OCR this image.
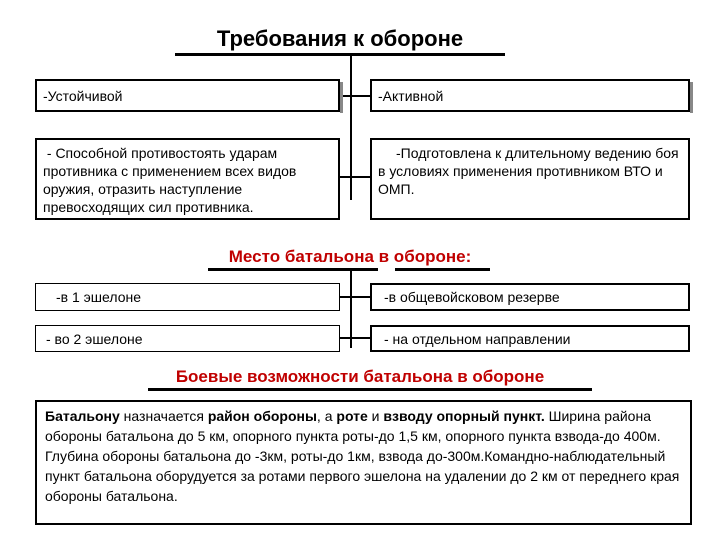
Требования к обороне
-Устойчивой	-Активной
- Способной противостоять ударам противника с применением всех видов оружия, отразить наступление превосходящих сил противника.
-Подготовлена к длительному ведению боя в условиях применения противником ВТО и ОМП.
Место батальона в обороне:
-в 1 эшелоне	-в общевойсковом резерве
- во 2 эшелоне	- на отдельном направлении
Боевые возможности батальона в обороне
Батальону назначается район обороны, а роте и взводу опорный пункт. Ширина района обороны батальона до 5 км, опорного пункта роты-до 1,5 км, опорного пункта взвода-до 400м. Глубина обороны батальона до -3км, роты-до 1км, взвода до-300м.Командно-наблюдательный пункт батальона оборудуется за ротами первого эшелона на удалении до 2 км от переднего края обороны батальона.
